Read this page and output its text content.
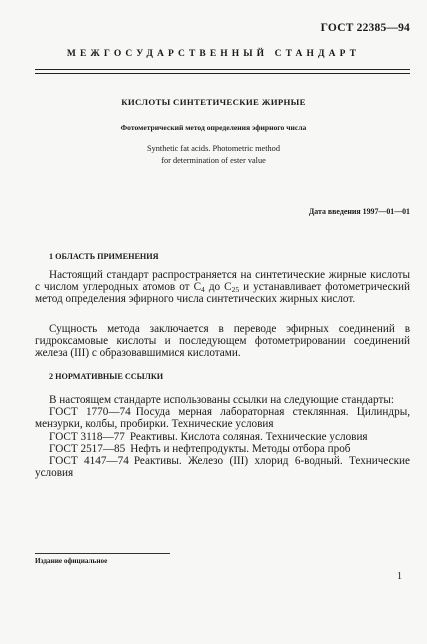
ГОСТ 22385—94
МЕЖГОСУДАРСТВЕННЫЙ СТАНДАРТ
КИСЛОТЫ СИНТЕТИЧЕСКИЕ ЖИРНЫЕ
Фотометрический метод определения эфирного числа
Synthetic fat acids. Photometric method
for determination of ester value
Дата введения 1997—01—01
1 ОБЛАСТЬ ПРИМЕНЕНИЯ

Настоящий стандарт распространяется на синтетические жирные кислоты с числом углеродных атомов от $C_4$ до $C_{25}$ и устанавливает фотометрический метод определения эфирного числа синтетических жирных кислот.

Сущность метода заключается в переводе эфирных соединений в гидроксамовые кислоты и последующем фотометрировании соединений железа (III) с образовавшимися кислотами.

2 НОРМАТИВНЫЕ ССЫЛКИ

В настоящем стандарте использованы ссылки на следующие стандарты:

ГОСТ 1770—74 Посуда мерная лабораторная стеклянная. Цилиндры, мензурки, колбы, пробирки. Технические условия

ГОСТ 3118—77 Реактивы. Кислота соляная. Технические условия

ГОСТ 2517—85 Нефть и нефтепродукты. Методы отбора проб

ГОСТ 4147—74 Реактивы. Железо (III) хлорид 6-водный. Технические условия

Издание официальное
1
